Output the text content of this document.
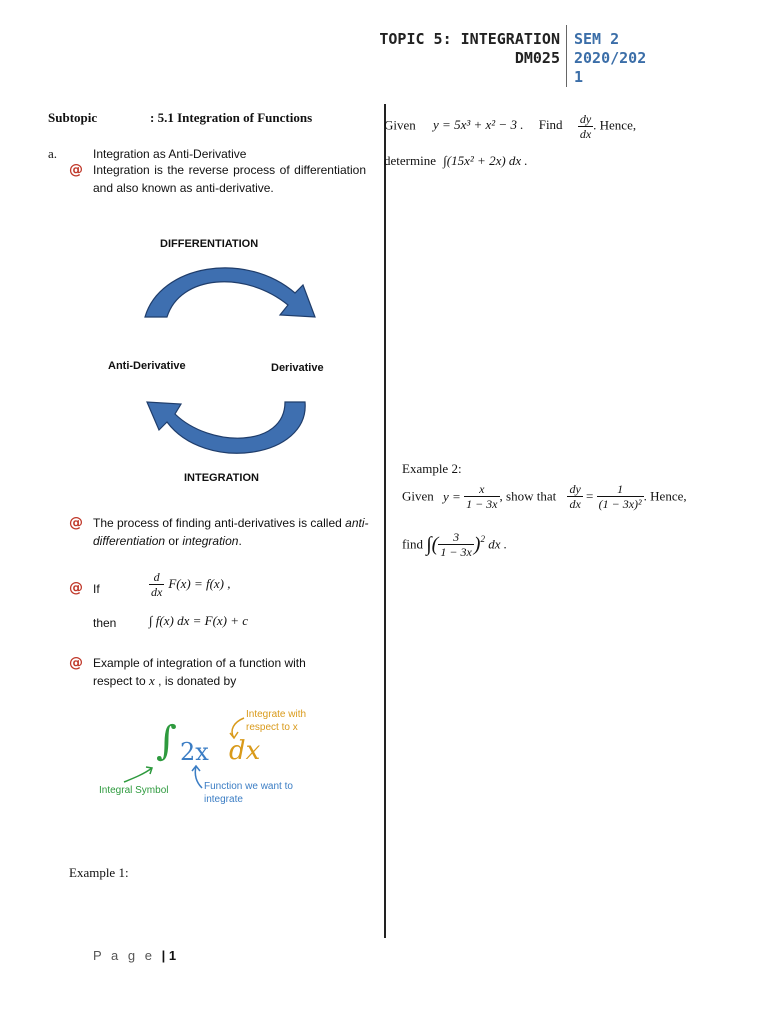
TOPIC 5: INTEGRATION
DM025
SEM 2
2020/202
1
Subtopic	: 5.1 Integration of Functions
a.	Integration as Anti-Derivative
@ Integration is the reverse process of differentiation and also known as anti-derivative.
DIFFERENTIATION
Anti-Derivative	Derivative
INTEGRATION
@ The process of finding anti-derivatives is called anti-differentiation or integration.
@ If	$\frac{d}{dx} F(x) = f(x)$ ,
then	∫ f(x) dx = F(x) + c
@ Example of integration of a function with
respect to x , is donated by
∫ 2x dx
Integrate with respect to x
Integral Symbol	Function we want to integrate
Example 1:
Given y = 5x³ + x² − 3 . Find $\frac{dy}{dx}$ . Hence,
determine ∫(15x² + 2x) dx .
Example 2:
Given $y = \frac{x}{1 - 3x}$ , show that $\frac{dy}{dx} = \frac{1}{\text{(1 − 3x)²}}$ . Hence,
find ∫( $\frac{3}{1 - 3x} )^2$ dx .
P a g e | 1
